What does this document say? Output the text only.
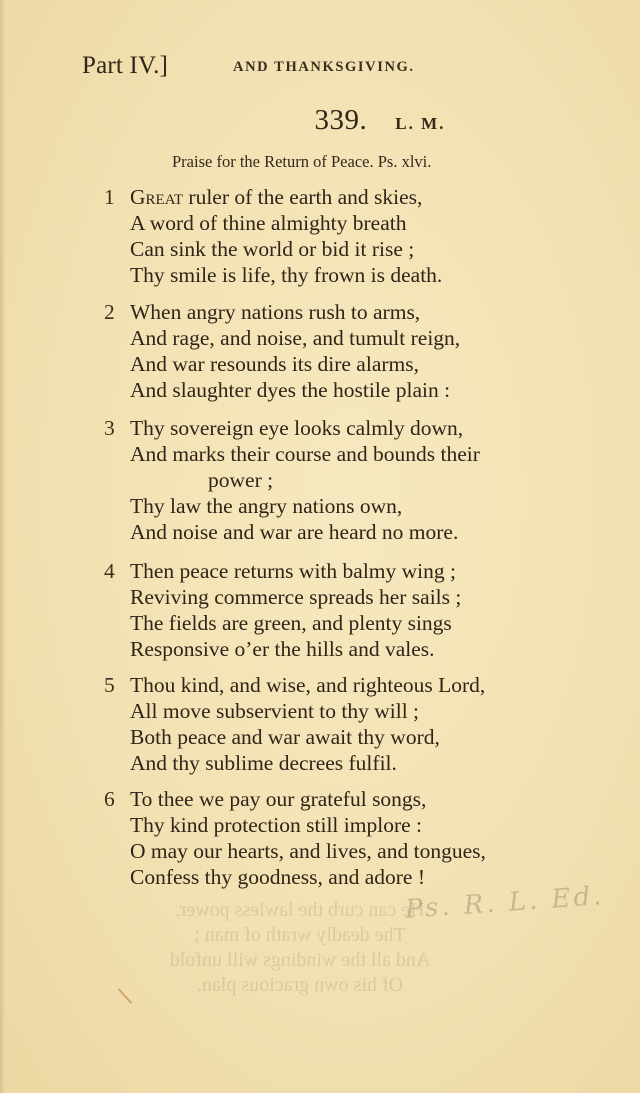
Part IV.]	AND THANKSGIVING.
339. L. M.
Praise for the Return of Peace. Ps. xlvi.
1 Great ruler of the earth and skies,
A word of thine almighty breath
Can sink the world or bid it rise ;
Thy smile is life, thy frown is death.
2 When angry nations rush to arms,
And rage, and noise, and tumult reign,
And war resounds its dire alarms,
And slaughter dyes the hostile plain :
3 Thy sovereign eye looks calmly down,
And marks their course and bounds their
power ;
Thy law the angry nations own,
And noise and war are heard no more.
4 Then peace returns with balmy wing ;
Reviving commerce spreads her sails ;
The fields are green, and plenty sings
Responsive o’er the hills and vales.
5 Thou kind, and wise, and righteous Lord,
All move subservient to thy will ;
Both peace and war await thy word,
And thy sublime decrees fulfil.
6 To thee we pay our grateful songs,
Thy kind protection still implore :
O may our hearts, and lives, and tongues,
Confess thy goodness, and adore !
He can curb the lawless power,
The deadly wrath of man ;
And all the windings will unfold
Of his own gracious plan.
Ps. R. L. Ed.
